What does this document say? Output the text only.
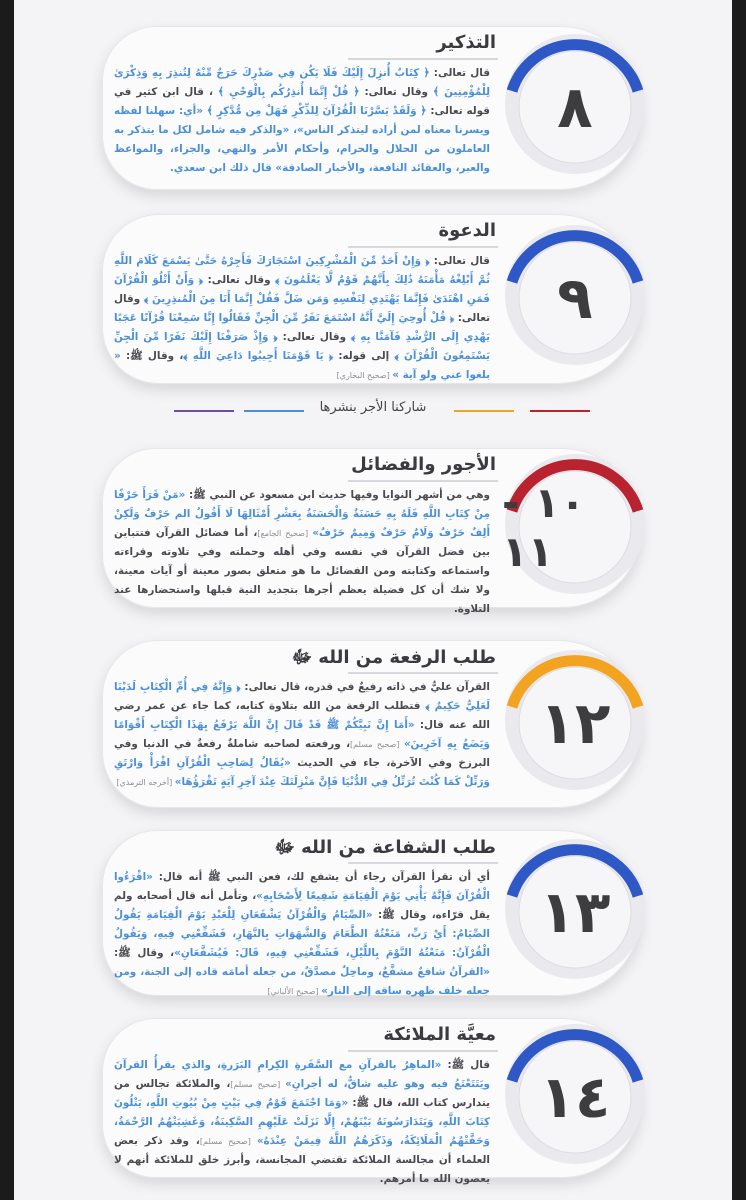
التذكير
قال تعالى: ﴿ كِتَابٌ أُنزِلَ إِلَيْكَ فَلَا يَكُن فِي صَدْرِكَ حَرَجٌ مِّنْهُ لِتُنذِرَ بِهِ وَذِكْرَىٰ لِلْمُؤْمِنِينَ ﴾ وقال تعالى: ﴿ قُلْ إِنَّمَا أُنذِرُكُم بِالْوَحْيِ ﴾ ، قال ابن كثير في قوله تعالى: ﴿ وَلَقَدْ يَسَّرْنَا الْقُرْآنَ لِلذِّكْرِ فَهَلْ مِن مُّدَّكِرٍ ﴾ «أي: سهلنا لفظه ويسرنا معناه لمن أراده ليتذكر الناس»، «والذكر فيه شامل لكل ما يتذكر به العاملون من الحلال والحرام، وأحكام الأمر والنهي، والجزاء، والمواعظ والعبر، والعقائد النافعة، والأخبار الصادقة» قال ذلك ابن سعدي.
٨
الدعوة
قال تعالى: ﴿ وَإِنْ أَحَدٌ مِّنَ الْمُشْرِكِينَ اسْتَجَارَكَ فَأَجِرْهُ حَتَّىٰ يَسْمَعَ كَلَامَ اللَّهِ ثُمَّ أَبْلِغْهُ مَأْمَنَهُ ذَٰلِكَ بِأَنَّهُمْ قَوْمٌ لَّا يَعْلَمُونَ ﴾ وقال تعالى: ﴿ وَأَنْ أَتْلُوَ الْقُرْآنَ فَمَنِ اهْتَدَىٰ فَإِنَّمَا يَهْتَدِي لِنَفْسِهِ وَمَن ضَلَّ فَقُلْ إِنَّمَا أَنَا مِنَ الْمُنذِرِينَ ﴾ وقال تعالى: ﴿ قُلْ أُوحِيَ إِلَيَّ أَنَّهُ اسْتَمَعَ نَفَرٌ مِّنَ الْجِنِّ فَقَالُوا إِنَّا سَمِعْنَا قُرْآنًا عَجَبًا يَهْدِي إِلَى الرُّشْدِ فَآمَنَّا بِهِ ﴾ وقال تعالى: ﴿ وَإِذْ صَرَفْنَا إِلَيْكَ نَفَرًا مِّنَ الْجِنِّ يَسْتَمِعُونَ الْقُرْآنَ ﴾ إلى قوله: ﴿ يَا قَوْمَنَا أَجِيبُوا دَاعِيَ اللَّهِ ﴾، وقال ﷺ: « بلغوا عني ولو آية » [صحيح البخاري]
٩
الأجور والفضائل
وهي من أشهر النوايا وفيها حديث ابن مسعود عن النبي ﷺ: «مَنْ قَرَأَ حَرْفًا مِنْ كِتَابِ اللَّهِ فَلَهُ بِهِ حَسَنَةٌ وَالْحَسَنَةُ بِعَشْرِ أَمْثَالِهَا لَا أَقُولُ الم حَرْفٌ وَلَكِنْ أَلِفٌ حَرْفٌ وَلَامٌ حَرْفٌ وَمِيمٌ حَرْفٌ» [صحيح الجامع]، أما فضائل القرآن فتتباين بين فضل القرآن في نفسه وفي أهله وحملته وفي تلاوته وقراءته واستماعه وكتابته ومن الفضائل ما هو متعلق بصور معينة أو آيات معينة، ولا شك أن كل فضيلة يعظم أجرها بتجديد النية قبلها واستحضارها عند التلاوة.
١٠ - ١١
طلب الرفعة من الله ﷻ
القرآن عليٌّ في ذاته رفيعٌ في قدره، قال تعالى: ﴿ وَإِنَّهُ فِي أُمِّ الْكِتَابِ لَدَيْنَا لَعَلِيٌّ حَكِيمٌ ﴾ فتطلب الرفعة من الله بتلاوة كتابه، كما جاء عن عمر رضي الله عنه قال: «أَمَا إِنَّ نَبِيَّكُمْ ﷺ قَدْ قَالَ إِنَّ اللَّهَ يَرْفَعُ بِهَذَا الْكِتَابِ أَقْوَامًا وَيَضَعُ بِهِ آخَرِينَ» [صحيح مسلم]، ورفعته لصاحبه شاملةٌ رفعةٌ في الدنيا وفي البرزخ وفي الآخرة، جاء في الحديث «يُقَالُ لِصَاحِبِ الْقُرْآنِ اقْرَأْ وَارْتَقِ وَرَتِّلْ كَمَا كُنْتَ تُرَتِّلُ فِي الدُّنْيَا فَإِنَّ مَنْزِلَتَكَ عِنْدَ آخِرِ آيَةٍ تَقْرَؤُهَا» [أخرجه الترمذي]
١٢
طلب الشفاعة من الله ﷻ
أي أن تقرأ القرآن رجاء أن يشفع لك، فعن النبي ﷺ أنه قال: «اقْرَءُوا الْقُرْآنَ فَإِنَّهُ يَأْتِي يَوْمَ الْقِيَامَةِ شَفِيعًا لِأَصْحَابِهِ»، وتأمل أنه قال أصحابه ولم يقل قرّاءه، وقال ﷺ: «الصِّيَامُ وَالْقُرْآنُ يَشْفَعَانِ لِلْعَبْدِ يَوْمَ الْقِيَامَةِ يَقُولُ الصِّيَامُ: أَيْ رَبِّ، مَنَعْتُهُ الطَّعَامَ وَالشَّهَوَاتِ بِالنَّهَارِ، فَشَفِّعْنِي فِيهِ، وَيَقُولُ الْقُرْآنُ: مَنَعْتُهُ النَّوْمَ بِاللَّيْلِ، فَشَفِّعْنِي فِيهِ، قَالَ: فَيُشَفَّعَانِ»، وقال ﷺ: «القرآنُ شافعٌ مشفَّعٌ، وماحِلٌ مصدَّقٌ، من جعله أمامَه قاده إلى الجنة، ومن جعله خلف ظهره ساقه إلى النار» [صحيح الألباني]
١٣
معيَّة الملائكة
قال ﷺ: «الماهِرُ بالقرآنِ مع السَّفَرةِ الكِرامِ البَرَرةِ، والذي يقرأُ القرآنَ ويَتَتَعْتَعُ فيه وهو عليه شاقٌّ، له أجرانِ» [صحيح مسلم]، والملائكة تجالس من يتدارس كتاب الله، قال ﷺ: «وَمَا اجْتَمَعَ قَوْمٌ فِي بَيْتٍ مِنْ بُيُوتِ اللَّهِ، يَتْلُونَ كِتَابَ اللَّهِ، وَيَتَدَارَسُونَهُ بَيْنَهُمْ، إِلَّا نَزَلَتْ عَلَيْهِمِ السَّكِينَةُ، وَغَشِيَتْهُمُ الرَّحْمَةُ، وَحَفَّتْهُمُ الْمَلَائِكَةُ، وَذَكَرَهُمُ اللَّهُ فِيمَنْ عِنْدَهُ» [صحيح مسلم]، وقد ذكر بعض العلماء أن مجالسة الملائكة تقتضي المجانسة، وأبرز خلق للملائكة أنهم لا يعصون الله ما أمرهم.
١٤
شاركنا الأجر بنشرها
